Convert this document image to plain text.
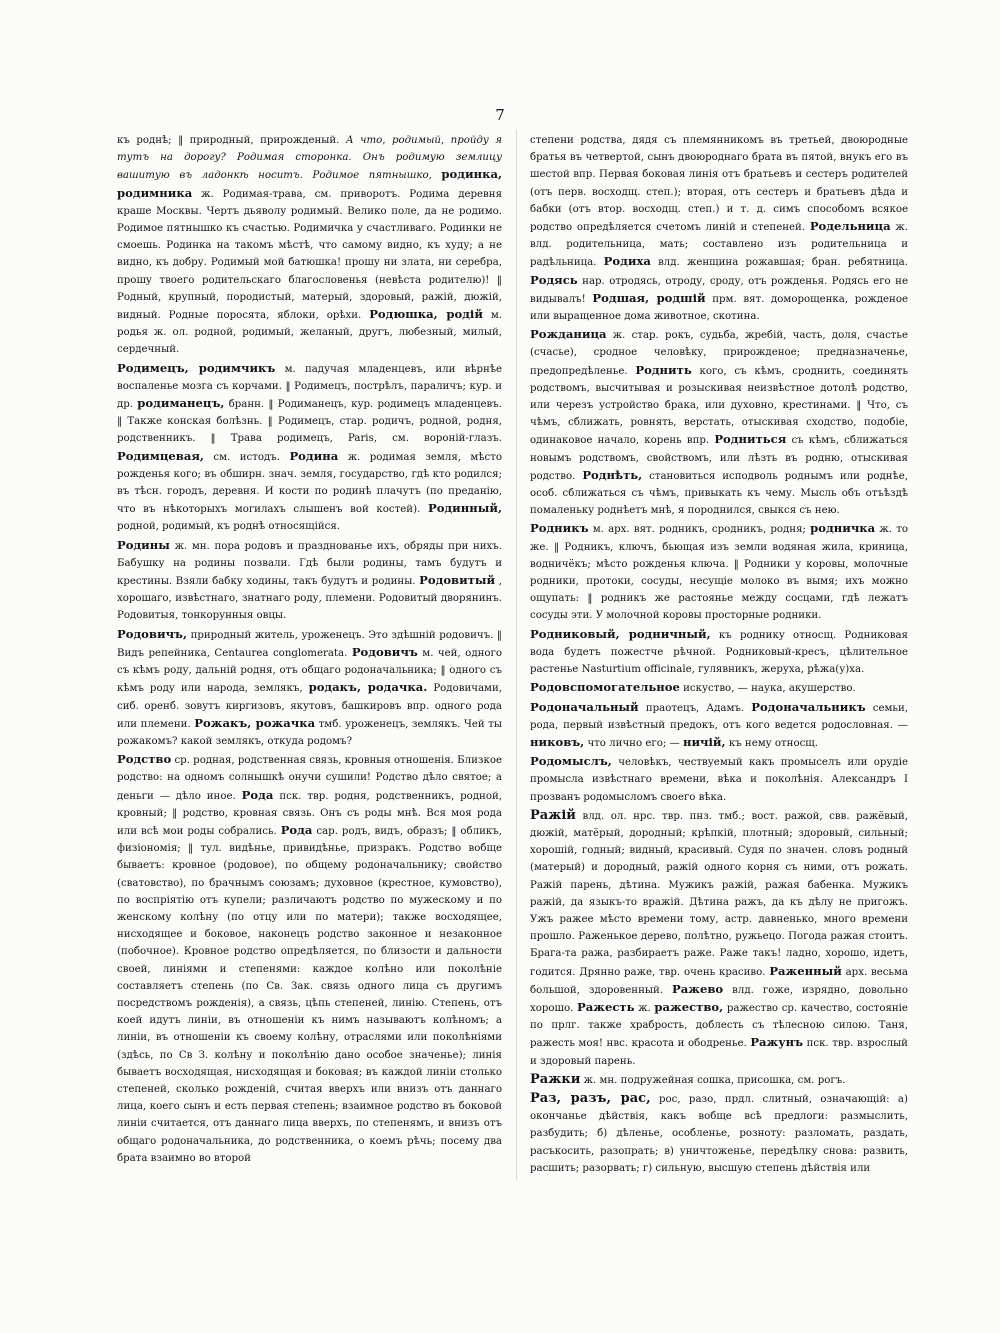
7

къ роднѣ; ‖ природный, прирожденый. А что, родимый, пройду я тутъ на дорогу? Родимая сторонка. Онъ родимую землицу вашитую въ ладонкѣ носитъ. Родимое пятнышко, родинка, родимника ж. Родимая-трава, см. приворотъ. Родима деревня краше Москвы. Чертъ дьяволу родимый. Велико поле, да не родимо. Родимое пятнышко къ счастью. Родимичка у счастливаго. Родинки не смоешь. Родинка на такомъ мѣстѣ, что самому видно, къ худу; а не видно, къ добру. Родимый мой батюшка! прошу ни злата, ни серебра, прошу твоего родительскаго благословенья (невѣста родителю)! ‖ Родный, крупный, породистый, матерый, здоровый, ражій, дюжій, видный. Родные поросята, яблоки, орѣхи. Родюшка, родій м. родья ж. ол. родной, родимый, желаный, другъ, любезный, милый, сердечный.

Родимецъ, родимчикъ м. падучая младенцевъ, или вѣрнѣе воспаленье мозга съ корчами. ‖ Родимецъ, пострѣлъ, параличъ; кур. и др. родиманецъ, бранн. ‖ Родиманецъ, кур. родимецъ младенцевъ. ‖ Также конская болѣзнь. ‖ Родимецъ, стар. родичъ, родной, родня, родственникъ. ‖ Трава родимецъ, Paris, см. вороній-глазъ. Родимцевая, см. истодъ. Родина ж. родимая земля, мѣсто рожденья кого; въ обширн. знач. земля, государство, гдѣ кто родился; въ тѣсн. городъ, деревня. И кости по родинѣ плачутъ (по преданію, что въ нѣкоторыхъ могилахъ слышенъ вой костей). Родинный, родной, родимый, къ роднѣ относящійся.

Родины ж. мн. пора родовъ и празднованье ихъ, обряды при нихъ. Бабушку на родины позвали. Гдѣ были родины, тамъ будутъ и крестины. Взяли бабку ходины, такъ будутъ и родины. Родовитый , хорошаго, извѣстнаго, знатнаго роду, племени. Родовитый дворянинъ. Родовитыя, тонкорунныя овцы.

Родовичъ, природный житель, уроженецъ. Это здѣшній родовичъ. ‖ Видъ репейника, Centaurea conglomerata. Родовичъ м. чей, одного съ кѣмъ роду, дальній родня, отъ общаго родоначальника; ‖ одного съ кѣмъ роду или народа, землякъ, родакъ, родачка. Родовичами, сиб. оренб. зовутъ киргизовъ, якутовъ, башкировъ впр. одного рода или племени. Рожакъ, рожачка тмб. уроженецъ, землякъ. Чей ты рожакомъ? какой землякъ, откуда родомъ?

Родство ср. родная, родственная связь, кровныя отношенія. Близкое родство: на одномъ солнышкѣ онучи сушили! Родство дѣло святое; а деньги — дѣло иное. Рода пск. твр. родня, родственникъ, родной, кровный; ‖ родство, кровная связь. Онъ съ роды мнѣ. Вся моя рода или всѣ мои роды собрались. Рода сар. родъ, видъ, образъ; ‖ обликъ, физіономія; ‖ тул. видѣнье, привидѣнье, призракъ. Родство вобще бываетъ: кровное (родовое), по общему родоначальнику; свойство (сватовство), по брачнымъ союзамъ; духовное (крестное, кумовство), по воспріятію отъ купели; различаютъ родство по мужескому и по женскому колѣну (по отцу или по матери); также восходящее, нисходящее и боковое, наконецъ родство законное и незаконное (побочное). Кровное родство опредѣляется, по близости и дальности своей, линіями и степенями: каждое колѣно или поколѣніе составляетъ степень (по Св. Зак. связь одного лица съ другимъ посредствомъ рожденія), а связь, цѣпь степеней, линію. Степень, отъ коей идутъ линіи, въ отношеніи къ нимъ называютъ колѣномъ; а линіи, въ отношеніи къ своему колѣну, отраслями или поколѣніями (здѣсь, по Св З. колѣну и поколѣнію дано особое значенье); линія бываетъ восходящая, нисходящая и боковая; въ каждой линіи столько степеней, сколько рожденій, считая вверхъ или внизъ отъ даннаго лица, коего сынъ и есть первая степень; взаимное родство въ боковой линіи считается, отъ даннаго лица вверхъ, по степенямъ, и внизъ отъ общаго родоначальника, до родственника, о коемъ рѣчь; посему два брата взаимно во второй

степени родства, дядя съ племянникомъ въ третьей, двоюродные братья въ четвертой, сынъ двоюроднаго брата въ пятой, внукъ его въ шестой впр. Первая боковая линія отъ братьевъ и сестеръ родителей (отъ перв. восходщ. степ.); вторая, отъ сестеръ и братьевъ дѣда и бабки (отъ втор. восходщ. степ.) и т. д. симъ способомъ всякое родство опредѣляется счетомъ линій и степеней. Родельница ж. влд. родительница, мать; составлено изъ родительница и радѣльница. Родиха влд. женщина рожавшая; бран. ребятница. Родясь нар. отродясь, отроду, сроду, отъ рожденья. Родясь его не видывалъ! Родшая, родшій прм. вят. доморощенка, рожденое или выращенное дома животное, скотина.

Рожданица ж. стар. рокъ, судьба, жребій, часть, доля, счастье (счасье), сродное человѣку, прирожденое; предназначенье, предопредѣленье. Роднить кого, съ кѣмъ, сроднить, соединять родствомъ, высчитывая и розыскивая неизвѣстное дотолѣ родство, или черезъ устройство брака, или духовно, крестинами. ‖ Что, съ чѣмъ, сближать, ровнять, верстать, отыскивая сходство, подобіе, одинаковое начало, корень впр. Родниться съ кѣмъ, сближаться новымъ родствомъ, свойствомъ, или лѣзть въ родню, отыскивая родство. Роднѣть, становиться исподволь роднымъ или роднѣе, особ. сближаться съ чѣмъ, привыкать къ чему. Мысль объ отъѣздѣ помаленьку роднѣетъ мнѣ, я породнился, свыкся съ нею.

Родникъ м. арх. вят. родникъ, сродникъ, родня; родничка ж. то же. ‖ Родникъ, ключъ, бьющая изъ земли водяная жила, криница, водничёкъ; мѣсто рожденья ключа. ‖ Родники у коровы, молочные родники, протоки, сосуды, несущіе молоко въ вымя; ихъ можно ощупать: ‖ родникъ же растоянье между сосцами, гдѣ лежатъ сосуды эти. У молочной коровы просторные родники.

Родниковый, родничный, къ роднику относщ. Родниковая вода будетъ пожестче рѣчной. Родниковый-кресъ, цѣлительное растенье Nasturtium officinale, гулявникъ, жеруха, рѣжа(у)ха.

Родовспомогательное искуство, — наука, акушерство.

Родоначальный праотецъ, Адамъ. Родоначальникъ семьи, рода, первый извѣстный предокъ, отъ кого ведется родословная. — никовъ, что лично его; — ничій, къ нему относщ.

Родомыслъ, человѣкъ, чествуемый какъ промыселъ или орудіе промысла извѣстнаго времени, вѣка и поколѣнія. Александръ I прозванъ родомысломъ своего вѣка.

Ражій влд. ол. нрс. твр. пнз. тмб.; вост. ражой, свв. ражёвый, дюжій, матёрый, дородный; крѣпкій, плотный; здоровый, сильный; хорошій, годный; видный, красивый. Судя по значен. словъ родный (матерый) и дородный, ражій одного корня съ ними, отъ рожать. Ражій парень, дѣтина. Мужикъ ражій, ражая бабенка. Мужикъ ражій, да языкъ-то вражій. Дѣтина ражъ, да къ дѣлу не пригожъ. Ужъ ражее мѣсто времени тому, астр. давненько, много времени прошло. Раженькое дерево, полѣтно, ружьецо. Погода ражая стоитъ. Брага-та ража, разбираетъ раже. Раже такъ! ладно, хорошо, идетъ, годится. Дрянно раже, твр. очень красиво. Раженный арх. весьма большой, здоровенный. Ражево влд. гоже, изрядно, довольно хорошо. Ражесть ж. ражество, ражество ср. качество, состояніе по прлг. также храбрость, доблесть съ тѣлесною силою. Таня, ражесть моя! нвс. красота и ободренье. Ражунъ пск. твр. взрослый и здоровый парень.

Ражки ж. мн. подружейная сошка, присошка, см. рогъ.

Раз, разъ, рас, рос, разо, прдл. слитный, означающій: а) окончанье дѣйствія, какъ вобще всѣ предлоги: размыслить, разбудить; б) дѣленье, особленье, розноту: разломать, раздать, расъкосить, разопрать; в) уничтоженье, передѣлку снова: развить, расшить; разорвать; г) сильную, высшую степень дѣйствія или
